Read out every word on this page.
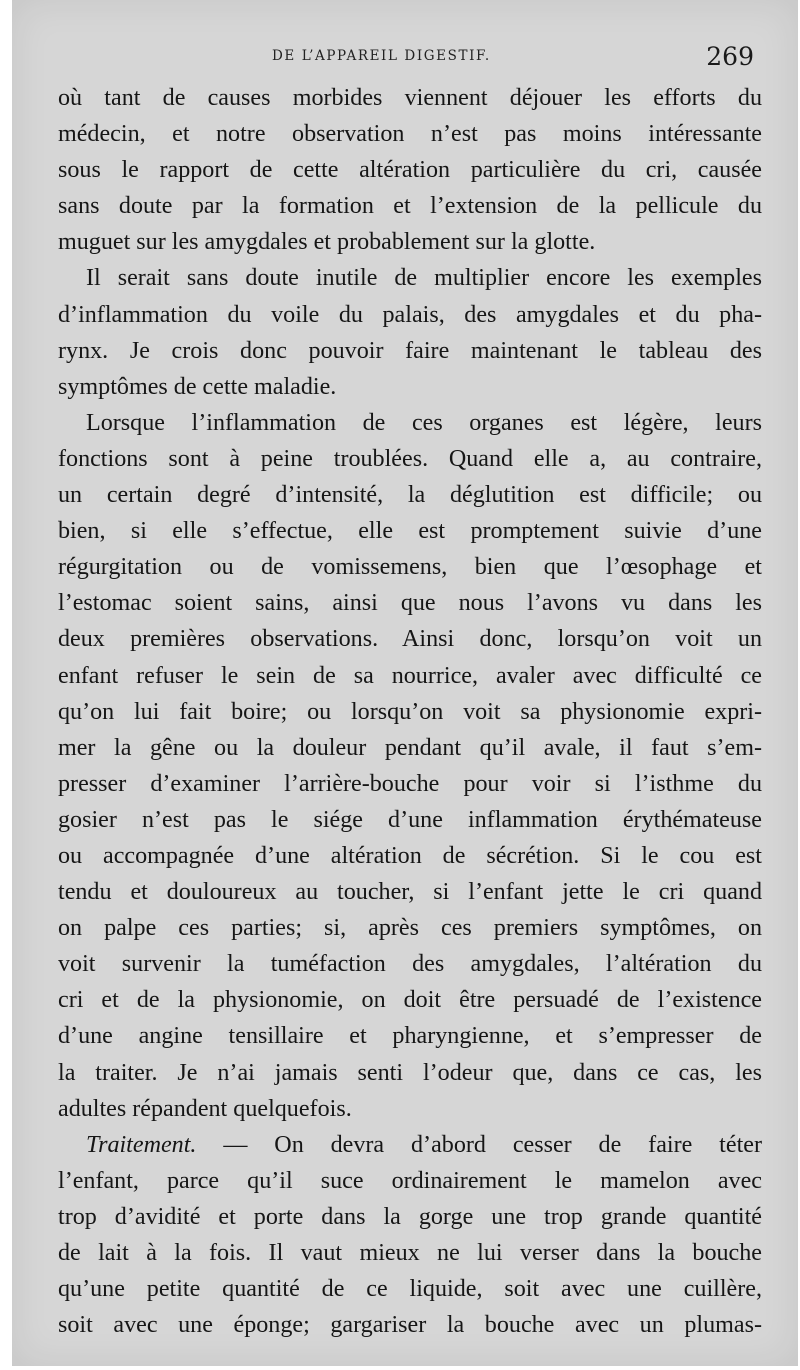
DE L’APPAREIL DIGESTIF.	269
où tant de causes morbides viennent déjouer les efforts du
médecin, et notre observation n’est pas moins intéressante
sous le rapport de cette altération particulière du cri, causée
sans doute par la formation et l’extension de la pellicule du
muguet sur les amygdales et probablement sur la glotte.
Il serait sans doute inutile de multiplier encore les exemples
d’inflammation du voile du palais, des amygdales et du pha-
rynx. Je crois donc pouvoir faire maintenant le tableau des
symptômes de cette maladie.
Lorsque l’inflammation de ces organes est légère, leurs
fonctions sont à peine troublées. Quand elle a, au contraire,
un certain degré d’intensité, la déglutition est difficile; ou
bien, si elle s’effectue, elle est promptement suivie d’une
régurgitation ou de vomissemens, bien que l’œsophage et
l’estomac soient sains, ainsi que nous l’avons vu dans les
deux premières observations. Ainsi donc, lorsqu’on voit un
enfant refuser le sein de sa nourrice, avaler avec difficulté ce
qu’on lui fait boire; ou lorsqu’on voit sa physionomie expri-
mer la gêne ou la douleur pendant qu’il avale, il faut s’em-
presser d’examiner l’arrière-bouche pour voir si l’isthme du
gosier n’est pas le siége d’une inflammation érythémateuse
ou accompagnée d’une altération de sécrétion. Si le cou est
tendu et douloureux au toucher, si l’enfant jette le cri quand
on palpe ces parties; si, après ces premiers symptômes, on
voit survenir la tuméfaction des amygdales, l’altération du
cri et de la physionomie, on doit être persuadé de l’existence
d’une angine tensillaire et pharyngienne, et s’empresser de
la traiter. Je n’ai jamais senti l’odeur que, dans ce cas, les
adultes répandent quelquefois.
Traitement. — On devra d’abord cesser de faire téter
l’enfant, parce qu’il suce ordinairement le mamelon avec
trop d’avidité et porte dans la gorge une trop grande quantité
de lait à la fois. Il vaut mieux ne lui verser dans la bouche
qu’une petite quantité de ce liquide, soit avec une cuillère,
soit avec une éponge; gargariser la bouche avec un plumas-
